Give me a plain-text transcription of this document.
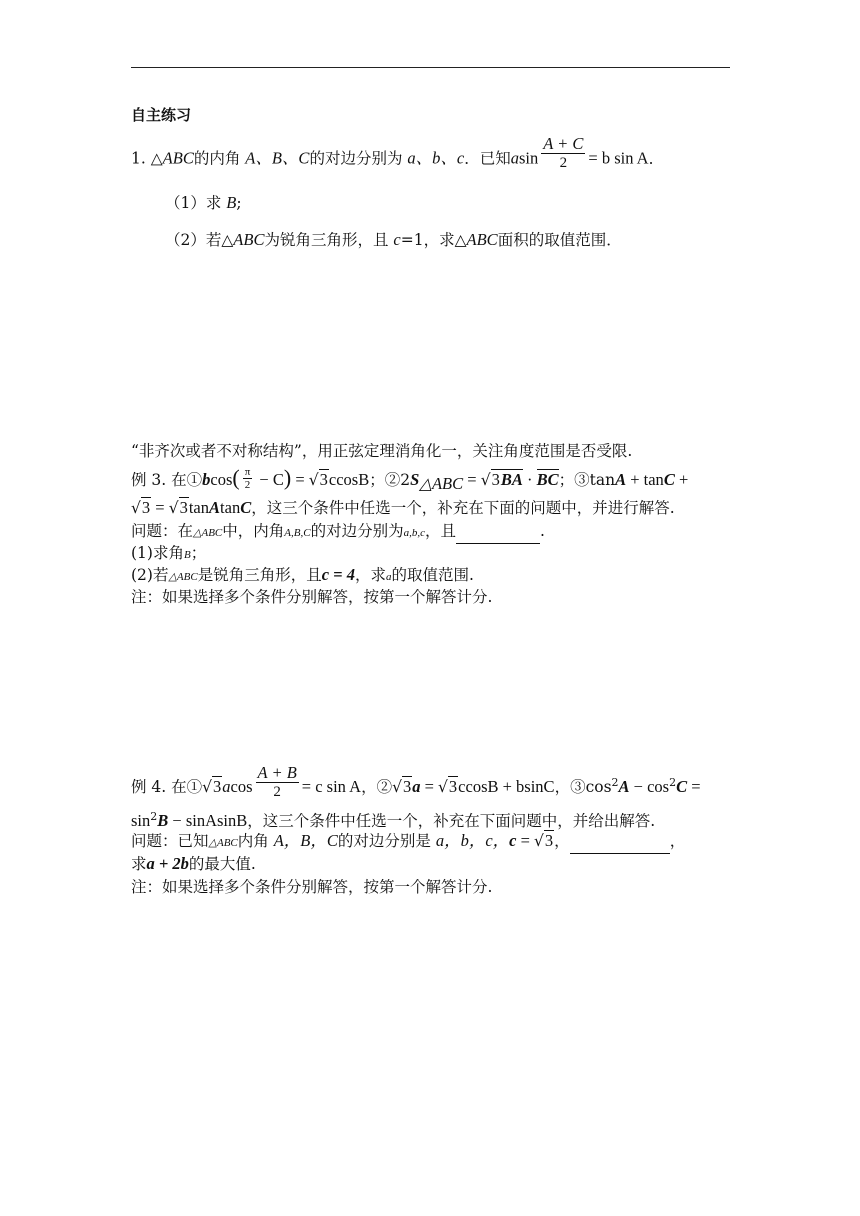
自主练习
1. △ABC的内角 A、B、C的对边分别为 a、b、c．已知asin $\frac{A + C}{2} = b$ sin A．
（1）求 B;
（2）若△ABC为锐角三角形，且 c=1，求△ABC面积的取值范围．
“非齐次或者不对称结构”，用正弦定理消角化一，关注角度范围是否受限.
例 3. 在①bcos( $\frac{\pi}{2} - C) = √3ccosB$；$②2S_{\triangle ABC} = √3BA$ · BC；③tanA + tanC +
√3 = √3tanAtanC，这三个条件中任选一个，补充在下面的问题中，并进行解答.
问题：在△ABC中，内角A,B,C的对边分别为a,b,c，且	.
(1)求角B；
(2)若△ABC是锐角三角形，且c = 4，求a的取值范围.
注：如果选择多个条件分别解答，按第一个解答计分.
例 4. 在①√3acos $\frac{A + B}{2} = c$ sin A，②√3a = √3ccosB + bsinC，$③\cos^2A - \cos^2C$ =
$\sin^2B$ − sinAsinB，这三个条件中任选一个，补充在下面问题中，并给出解答.
问题：已知△ABC内角 A，B，C的对边分别是 a，b，c，c = √3，	，
求a + 2b的最大值.
注：如果选择多个条件分别解答，按第一个解答计分.
